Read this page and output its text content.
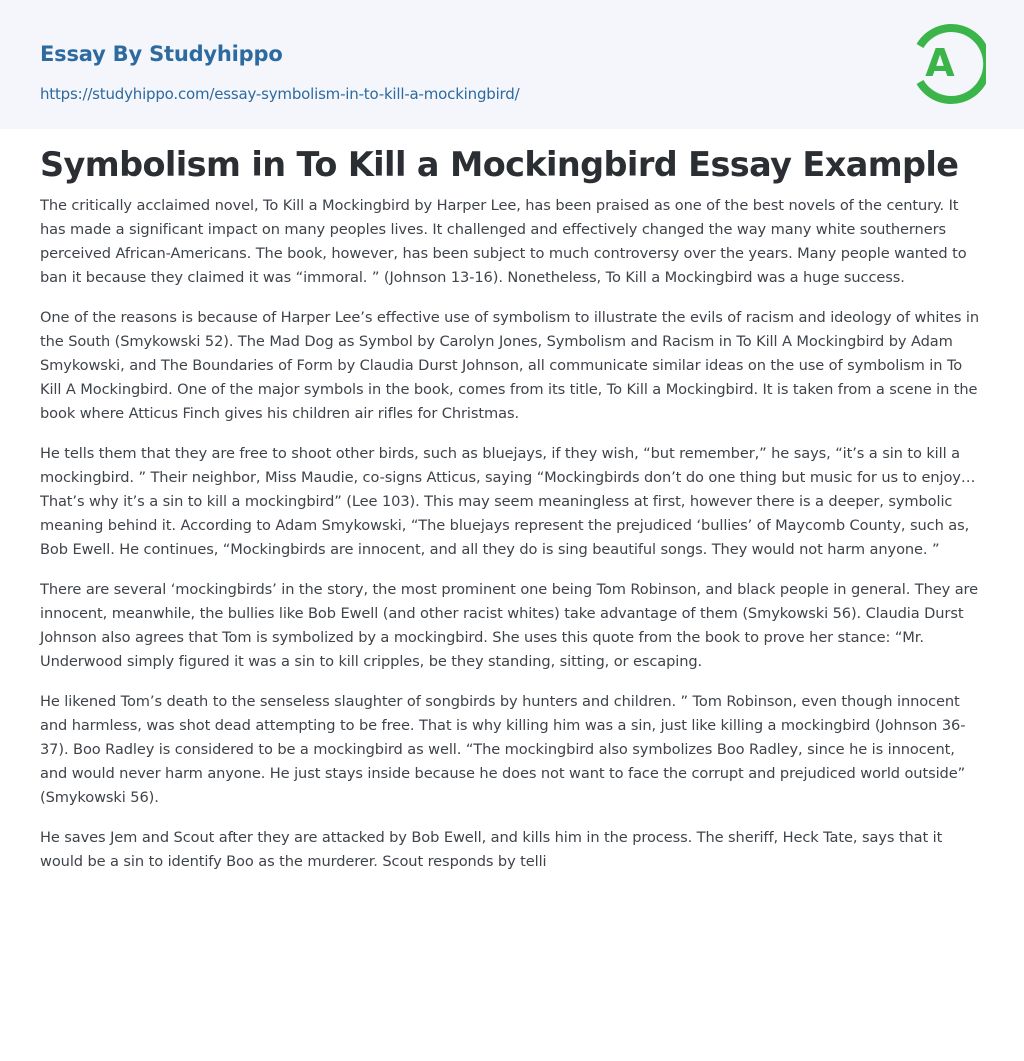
Essay By Studyhippo
https://studyhippo.com/essay-symbolism-in-to-kill-a-mockingbird/
A
Symbolism in To Kill a Mockingbird Essay Example

The critically acclaimed novel, To Kill a Mockingbird by Harper Lee, has been praised as one of the best novels of the century. It has made a significant impact on many peoples lives. It challenged and effectively changed the way many white southerners perceived African-Americans. The book, however, has been subject to much controversy over the years. Many people wanted to ban it because they claimed it was “immoral. ” (Johnson 13-16). Nonetheless, To Kill a Mockingbird was a huge success.

One of the reasons is because of Harper Lee’s effective use of symbolism to illustrate the evils of racism and ideology of whites in the South (Smykowski 52). The Mad Dog as Symbol by Carolyn Jones, Symbolism and Racism in To Kill A Mockingbird by Adam Smykowski, and The Boundaries of Form by Claudia Durst Johnson, all communicate similar ideas on the use of symbolism in To Kill A Mockingbird. One of the major symbols in the book, comes from its title, To Kill a Mockingbird. It is taken from a scene in the book where Atticus Finch gives his children air rifles for Christmas.

He tells them that they are free to shoot other birds, such as bluejays, if they wish, “but remember,” he says, “it’s a sin to kill a mockingbird. ” Their neighbor, Miss Maudie, co-signs Atticus, saying “Mockingbirds don’t do one thing but music for us to enjoy… That’s why it’s a sin to kill a mockingbird” (Lee 103). This may seem meaningless at first, however there is a deeper, symbolic meaning behind it. According to Adam Smykowski, “The bluejays represent the prejudiced ‘bullies’ of Maycomb County, such as, Bob Ewell. He continues, “Mockingbirds are innocent, and all they do is sing beautiful songs. They would not harm anyone. ”

There are several ‘mockingbirds’ in the story, the most prominent one being Tom Robinson, and black people in general. They are innocent, meanwhile, the bullies like Bob Ewell (and other racist whites) take advantage of them (Smykowski 56). Claudia Durst Johnson also agrees that Tom is symbolized by a mockingbird. She uses this quote from the book to prove her stance: “Mr. Underwood simply figured it was a sin to kill cripples, be they standing, sitting, or escaping.

He likened Tom’s death to the senseless slaughter of songbirds by hunters and children. ” Tom Robinson, even though innocent and harmless, was shot dead attempting to be free. That is why killing him was a sin, just like killing a mockingbird (Johnson 36-37). Boo Radley is considered to be a mockingbird as well. “The mockingbird also symbolizes Boo Radley, since he is innocent, and would never harm anyone. He just stays inside because he does not want to face the corrupt and prejudiced world outside” (Smykowski 56).

He saves Jem and Scout after they are attacked by Bob Ewell, and kills him in the process. The sheriff, Heck Tate, says that it would be a sin to identify Boo as the murderer. Scout responds by telli
